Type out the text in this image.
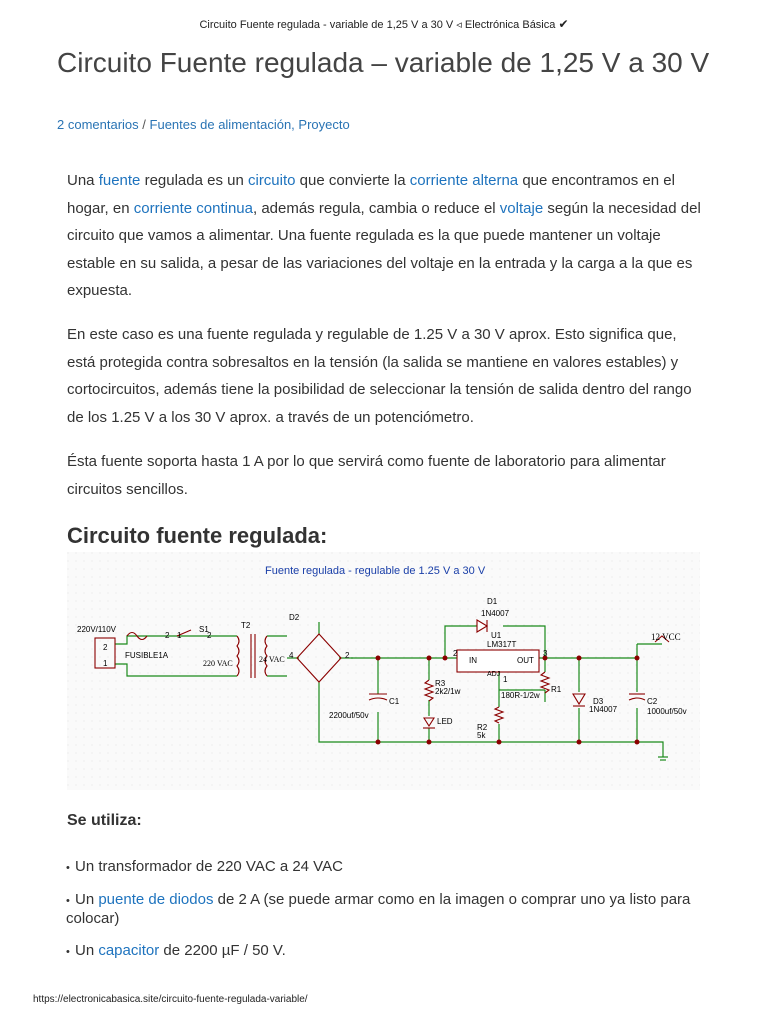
Circuito Fuente regulada - variable de 1,25 V a 30 V ◃ Electrónica Básica ✔
Circuito Fuente regulada – variable de 1,25 V a 30 V
2 comentarios / Fuentes de alimentación, Proyecto

Una fuente regulada es un circuito que convierte la corriente alterna que encontramos en el hogar, en corriente continua, además regula, cambia o reduce el voltaje según la necesidad del circuito que vamos a alimentar. Una fuente regulada es la que puede mantener un voltaje estable en su salida, a pesar de las variaciones del voltaje en la entrada y la carga a la que es expuesta.

En este caso es una fuente regulada y regulable de 1.25 V a 30 V aprox. Esto significa que, está protegida contra sobresaltos en la tensión (la salida se mantiene en valores estables) y cortocircuitos, además tiene la posibilidad de seleccionar la tensión de salida dentro del rango de los 1.25 V a los 30 V aprox. a través de un potenciómetro.

Ésta fuente soporta hasta 1 A por lo que servirá como fuente de laboratorio para alimentar circuitos sencillos.

Circuito fuente regulada:
Fuente regulada - regulable de 1.25 V a 30 V
220V/110V
2
1
FUSIBLE1A
S1
2 1	2
T2
220 VAC	24 VAC
D2
4	2
C1
2200uf/50v
R3
2k2/1w
LED
D1
1N4007
U1
LM317T
IN	OUT
ADJ
2	3
1
R1
180R-1/2w
R2
5k
D3
1N4007
C2
1000uf/50v
12 VCC
Se utiliza:
• Un transformador de 220 VAC a 24 VAC
• Un puente de diodos de 2 A (se puede armar como en la imagen o comprar uno ya listo para colocar)
• Un capacitor de 2200 µF / 50 V.
https://electronicabasica.site/circuito-fuente-regulada-variable/
